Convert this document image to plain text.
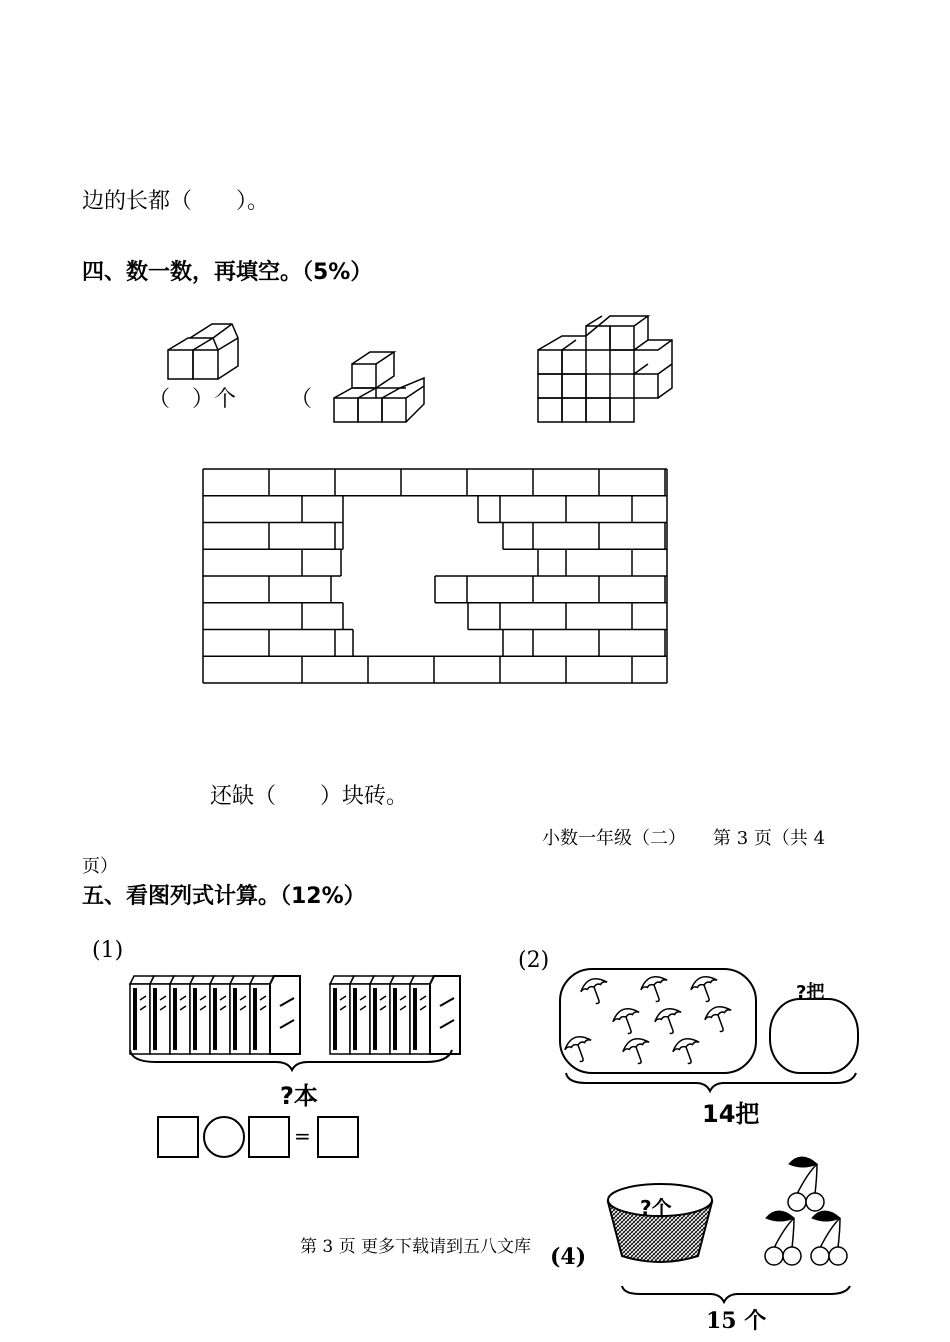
边的长都（　　）。
四、数一数，再填空。（5%）
（　）个 （
还缺（　　）块砖。
小数一年级（二）　　第 3 页（共 4
页）
五、看图列式计算。（12%）
(1)
?本
=
(2)
?把
14把
第 3 页 更多下载请到五八文库 (4)
?个
15 个
